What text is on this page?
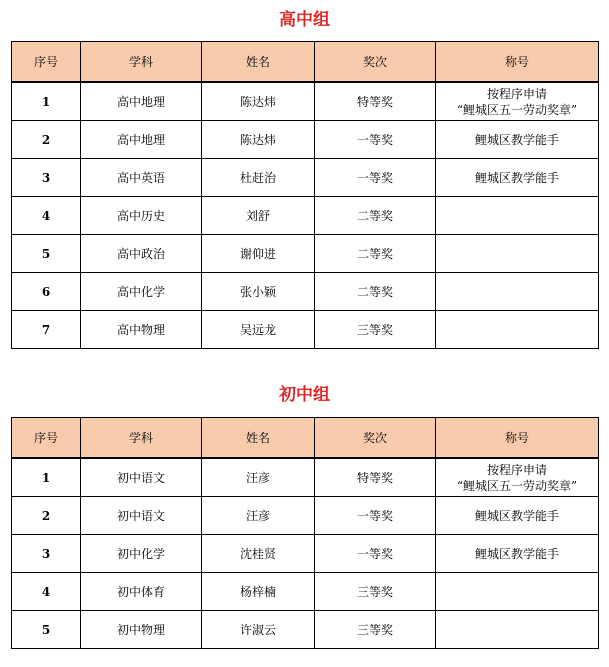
高中组
序号	学科	姓名	奖次	称号
1	高中地理	陈达炜	特等奖	按程序申请
“鲤城区五一劳动奖章”

2	高中地理	陈达炜	一等奖	鲤城区教学能手

3	高中英语	杜赶治	一等奖	鲤城区教学能手

4	高中历史	刘舒	二等奖	
5	高中政治	谢仰进	二等奖	
6	高中化学	张小颖	二等奖	
7	高中物理	吴远龙	三等奖	
初中组
序号	学科	姓名	奖次	称号
1	初中语文	汪彦	特等奖	按程序申请
“鲤城区五一劳动奖章”

2	初中语文	汪彦	一等奖	鲤城区教学能手

3	初中化学	沈桂贤	一等奖	鲤城区教学能手

4	初中体育	杨梓楠	三等奖	
5	初中物理	许淑云	三等奖	
